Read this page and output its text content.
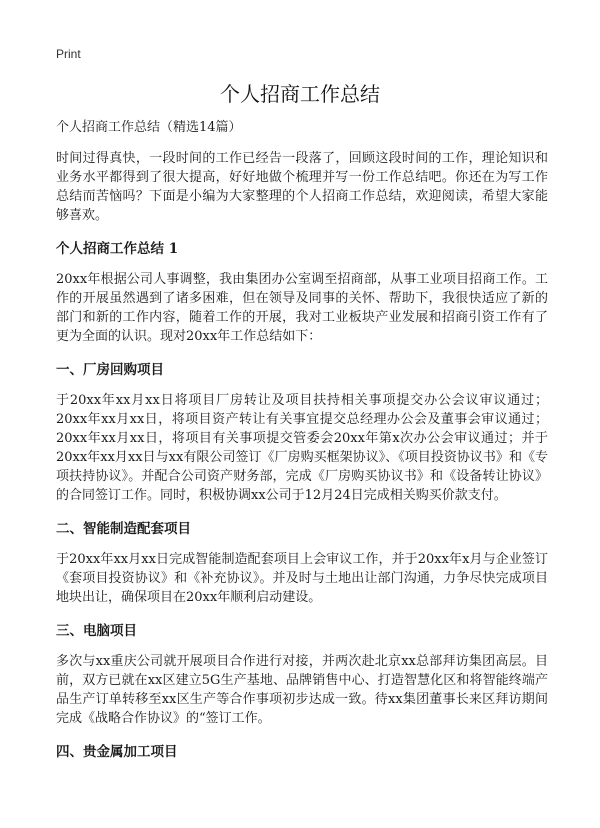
Print
个人招商工作总结

个人招商工作总结（精选14篇）

时间过得真快，一段时间的工作已经告一段落了，回顾这段时间的工作，理论知识和业务水平都得到了很大提高，好好地做个梳理并写一份工作总结吧。你还在为写工作总结而苦恼吗？下面是小编为大家整理的个人招商工作总结，欢迎阅读，希望大家能够喜欢。

个人招商工作总结 1

20xx年根据公司人事调整，我由集团办公室调至招商部，从事工业项目招商工作。工作的开展虽然遇到了诸多困难，但在领导及同事的关怀、帮助下，我很快适应了新的部门和新的工作内容，随着工作的开展，我对工业板块产业发展和招商引资工作有了更为全面的认识。现对20xx年工作总结如下：

一、厂房回购项目

于20xx年xx月xx日将项目厂房转让及项目扶持相关事项提交办公会议审议通过；20xx年xx月xx日，将项目资产转让有关事宜提交总经理办公会及董事会审议通过；20xx年xx月xx日，将项目有关事项提交管委会20xx年第x次办公会审议通过；并于20xx年xx月xx日与xx有限公司签订《厂房购买框架协议》、《项目投资协议书》和《专项扶持协议》。并配合公司资产财务部，完成《厂房购买协议书》和《设备转让协议》的合同签订工作。同时，积极协调xx公司于12月24日完成相关购买价款支付。

二、智能制造配套项目

于20xx年xx月xx日完成智能制造配套项目上会审议工作，并于20xx年x月与企业签订《套项目投资协议》和《补充协议》。并及时与土地出让部门沟通，力争尽快完成项目地块出让，确保项目在20xx年顺利启动建设。

三、电脑项目

多次与xx重庆公司就开展项目合作进行对接，并两次赴北京xx总部拜访集团高层。目前，双方已就在xx区建立5G生产基地、品牌销售中心、打造智慧化区和将智能终端产品生产订单转移至xx区生产等合作事项初步达成一致。待xx集团董事长来区拜访期间完成《战略合作协议》的“签订工作。

四、贵金属加工项目
